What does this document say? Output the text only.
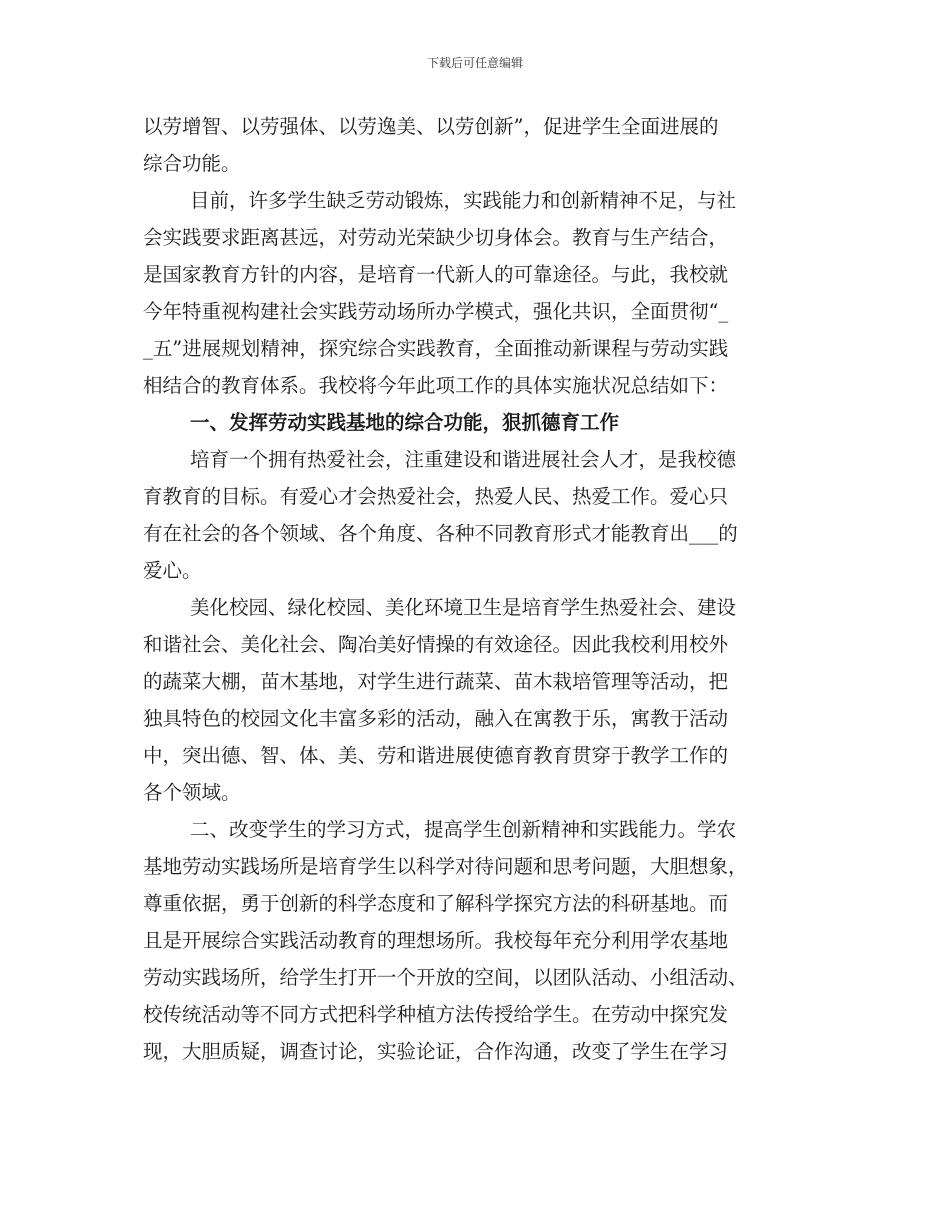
下载后可任意编辑
以劳增智、以劳强体、以劳逸美、以劳创新”，促进学生全面进展的
综合功能。
目前，许多学生缺乏劳动锻炼，实践能力和创新精神不足，与社
会实践要求距离甚远，对劳动光荣缺少切身体会。教育与生产结合，
是国家教育方针的内容，是培育一代新人的可靠途径。与此，我校就
今年特重视构建社会实践劳动场所办学模式，强化共识，全面贯彻“_
_五”进展规划精神，探究综合实践教育，全面推动新课程与劳动实践
相结合的教育体系。我校将今年此项工作的具体实施状况总结如下：
一、发挥劳动实践基地的综合功能，狠抓德育工作
培育一个拥有热爱社会，注重建设和谐进展社会人才，是我校德
育教育的目标。有爱心才会热爱社会，热爱人民、热爱工作。爱心只
有在社会的各个领域、各个角度、各种不同教育形式才能教育出___的
爱心。
美化校园、绿化校园、美化环境卫生是培育学生热爱社会、建设
和谐社会、美化社会、陶冶美好情操的有效途径。因此我校利用校外
的蔬菜大棚，苗木基地，对学生进行蔬菜、苗木栽培管理等活动，把
独具特色的校园文化丰富多彩的活动，融入在寓教于乐，寓教于活动
中，突出德、智、体、美、劳和谐进展使德育教育贯穿于教学工作的
各个领域。
二、改变学生的学习方式，提高学生创新精神和实践能力。学农
基地劳动实践场所是培育学生以科学对待问题和思考问题，大胆想象，
尊重依据，勇于创新的科学态度和了解科学探究方法的科研基地。而
且是开展综合实践活动教育的理想场所。我校每年充分利用学农基地
劳动实践场所，给学生打开一个开放的空间，以团队活动、小组活动、
校传统活动等不同方式把科学种植方法传授给学生。在劳动中探究发
现，大胆质疑，调查讨论，实验论证，合作沟通，改变了学生在学习
